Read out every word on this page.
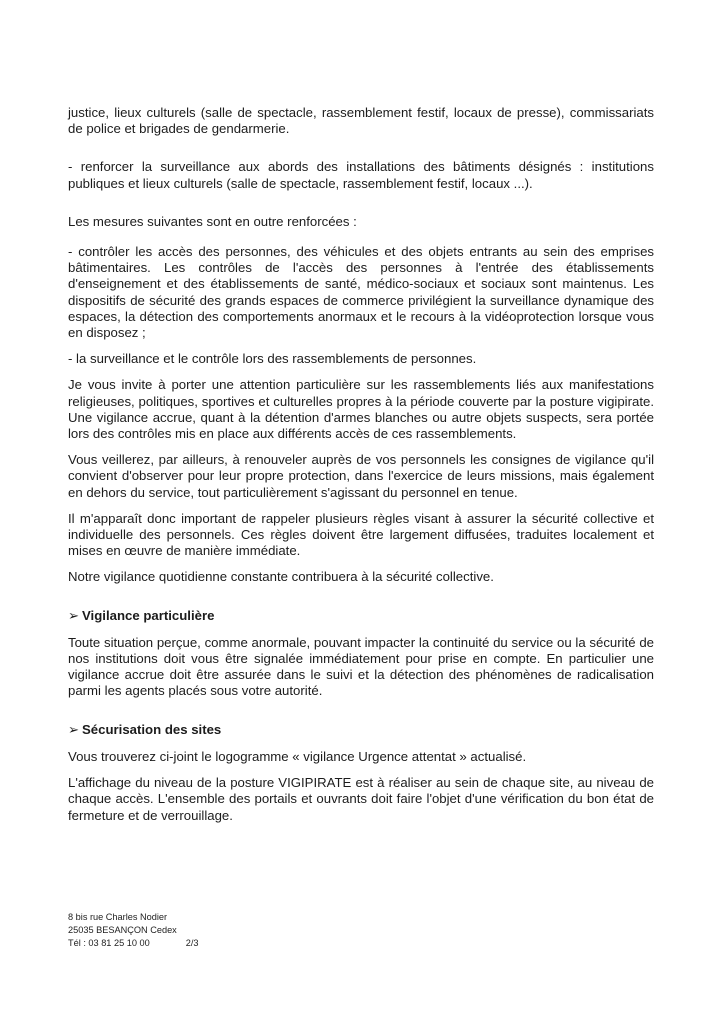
justice, lieux culturels (salle de spectacle, rassemblement festif, locaux de presse), commissariats de police et brigades de gendarmerie.

- renforcer la surveillance aux abords des installations des bâtiments désignés : institutions publiques et lieux culturels (salle de spectacle, rassemblement festif, locaux ...).

Les mesures suivantes sont en outre renforcées :

- contrôler les accès des personnes, des véhicules et des objets entrants au sein des emprises bâtimentaires. Les contrôles de l'accès des personnes à l'entrée des établissements d'enseignement et des établissements de santé, médico-sociaux et sociaux sont maintenus. Les dispositifs de sécurité des grands espaces de commerce privilégient la surveillance dynamique des espaces, la détection des comportements anormaux et le recours à la vidéoprotection lorsque vous en disposez ;

- la surveillance et le contrôle lors des rassemblements de personnes.

Je vous invite à porter une attention particulière sur les rassemblements liés aux manifestations religieuses, politiques, sportives et culturelles propres à la période couverte par la posture vigipirate. Une vigilance accrue, quant à la détention d'armes blanches ou autre objets suspects, sera portée lors des contrôles mis en place aux différents accès de ces rassemblements.

Vous veillerez, par ailleurs, à renouveler auprès de vos personnels les consignes de vigilance qu'il convient d'observer pour leur propre protection, dans l'exercice de leurs missions, mais également en dehors du service, tout particulièrement s'agissant du personnel en tenue.

Il m'apparaît donc important de rappeler plusieurs règles visant à assurer la sécurité collective et individuelle des personnels. Ces règles doivent être largement diffusées, traduites localement et mises en œuvre de manière immédiate.

Notre vigilance quotidienne constante contribuera à la sécurité collective.

➢ Vigilance particulière

Toute situation perçue, comme anormale, pouvant impacter la continuité du service ou la sécurité de nos institutions doit vous être signalée immédiatement pour prise en compte. En particulier une vigilance accrue doit être assurée dans le suivi et la détection des phénomènes de radicalisation parmi les agents placés sous votre autorité.

➢ Sécurisation des sites

Vous trouverez ci-joint le logogramme « vigilance Urgence attentat » actualisé.

L'affichage du niveau de la posture VIGIPIRATE est à réaliser au sein de chaque site, au niveau de chaque accès. L'ensemble des portails et ouvrants doit faire l'objet d'une vérification du bon état de fermeture et de verrouillage.

8 bis rue Charles Nodier
25035 BESANÇON Cedex
Tél : 03 81 25 10 00	2/3
